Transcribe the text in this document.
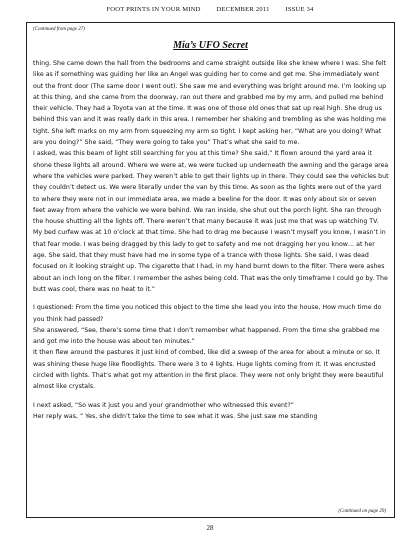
FOOT PRINTS IN YOUR MIND DECEMBER 2011 ISSUE 34
(Continued from page 27)
Mia’s UFO Secret

thing. She came down the hall from the bedrooms and came straight outside like she knew where I was. She felt like as if something was guiding her like an Angel was guiding her to come and get me. She immediately went out the front door (The same door I went out). She saw me and everything was bright around me. I’m looking up at this thing, and she came from the doorway, ran out there and grabbed me by my arm, and pulled me behind their vehicle. They had a Toyota van at the time. It was one of those old ones that sat up real high. She drug us behind this van and it was really dark in this area. I remember her shaking and trembling as she was holding me tight. She left marks on my arm from squeezing my arm so tight. I kept asking her, “What are you doing? What are you doing?” She said, “They were going to take you” That’s what she said to me.

I asked, was this beam of light still searching for you at this time? She said,” It flown around the yard area it shone these lights all around. Where we were at, we were tucked up underneath the awning and the garage area where the vehicles were parked. They weren’t able to get their lights up in there. They could see the vehicles but they couldn’t detect us. We were literally under the van by this time. As soon as the lights were out of the yard to where they were not in our immediate area, we made a beeline for the door. It was only about six or seven feet away from where the vehicle we were behind. We ran inside, she shut out the porch light. She ran through the house shutting all the lights off. There weren’t that many because it was just me that was up watching TV. My bed curfew was at 10 o’clock at that time. She had to drag me because I wasn’t myself you know, I wasn’t in that fear mode. I was being dragged by this lady to get to safety and me not dragging her you know… at her age. She said, that they must have had me in some type of a trance with those lights. She said, I was dead focused on it looking straight up. The cigarette that I had, in my hand burnt down to the filter. There were ashes about an inch long on the filter. I remember the ashes being cold. That was the only timeframe I could go by. The butt was cool, there was no heat to it.”

I questioned: From the time you noticed this object to the time she lead you into the house, How much time do you think had passed?

She answered, “See, there’s some time that I don’t remember what happened. From the time she grabbed me and got me into the house was about ten minutes.”

It then flew around the pastures it just kind of combed, like did a sweep of the area for about a minute or so. It was shining these huge like floodlights. There were 3 to 4 lights. Huge lights coming from it. It was encrusted circled with lights. That’s what got my attention in the first place. They were not only bright they were beautiful almost like crystals.

I next asked, “So was it just you and your grandmother who witnessed this event?”

Her reply was, “ Yes, she didn’t take the time to see what it was. She just saw me standing

(Continued on page 29)
28
